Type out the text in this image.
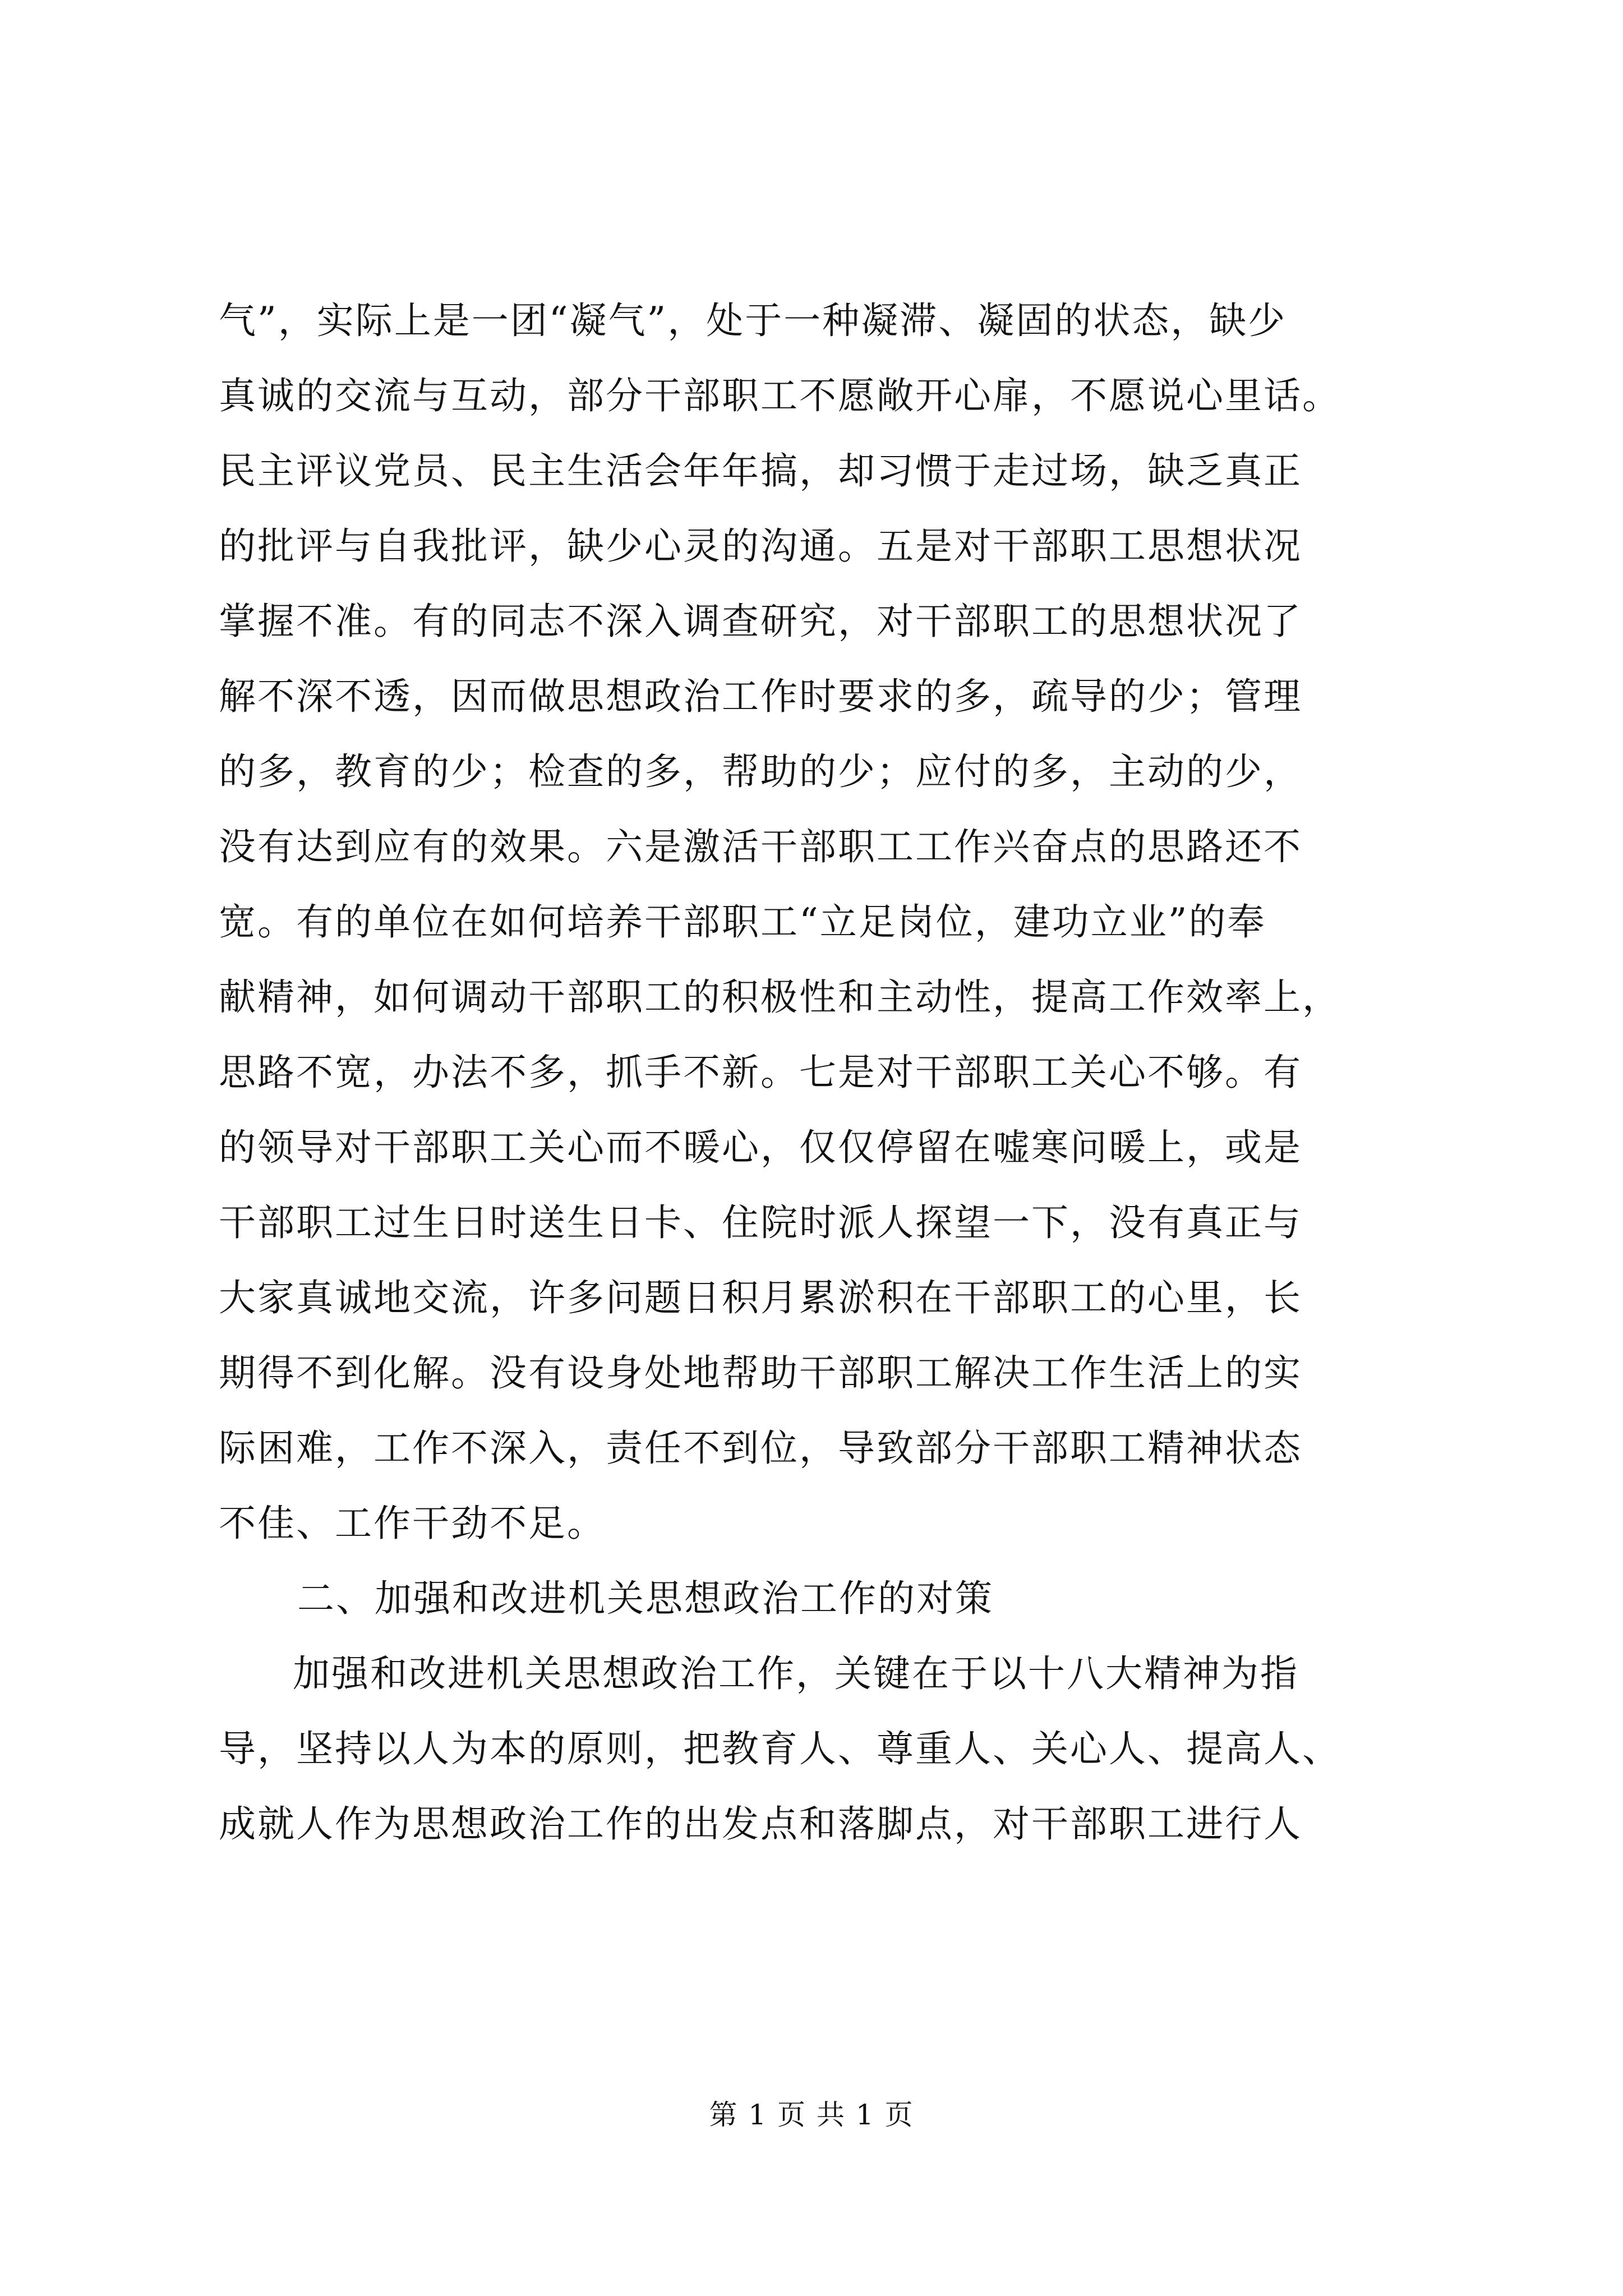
气”，实际上是一团“凝气”，处于一种凝滞、凝固的状态，缺少
真诚的交流与互动，部分干部职工不愿敞开心扉，不愿说心里话。
民主评议党员、民主生活会年年搞，却习惯于走过场，缺乏真正
的批评与自我批评，缺少心灵的沟通。五是对干部职工思想状况
掌握不准。有的同志不深入调查研究，对干部职工的思想状况了
解不深不透，因而做思想政治工作时要求的多，疏导的少；管理
的多，教育的少；检查的多，帮助的少；应付的多，主动的少，
没有达到应有的效果。六是激活干部职工工作兴奋点的思路还不
宽。有的单位在如何培养干部职工“立足岗位，建功立业”的奉
献精神，如何调动干部职工的积极性和主动性，提高工作效率上，
思路不宽，办法不多，抓手不新。七是对干部职工关心不够。有
的领导对干部职工关心而不暖心，仅仅停留在嘘寒问暖上，或是
干部职工过生日时送生日卡、住院时派人探望一下，没有真正与
大家真诚地交流，许多问题日积月累淤积在干部职工的心里，长
期得不到化解。没有设身处地帮助干部职工解决工作生活上的实
际困难，工作不深入，责任不到位，导致部分干部职工精神状态
不佳、工作干劲不足。
二、加强和改进机关思想政治工作的对策
加强和改进机关思想政治工作，关键在于以十八大精神为指
导，坚持以人为本的原则，把教育人、尊重人、关心人、提高人、
成就人作为思想政治工作的出发点和落脚点，对干部职工进行人
第 1 页 共 1 页
